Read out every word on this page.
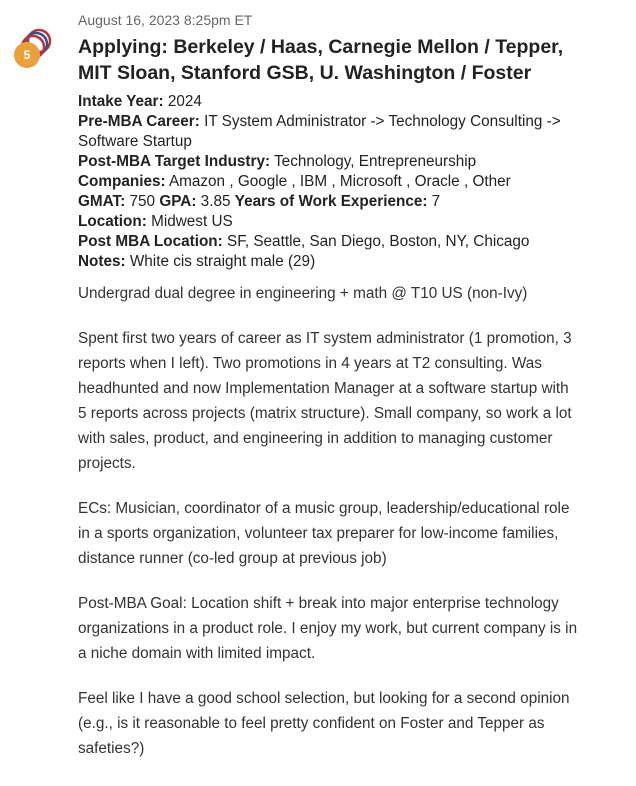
5

August 16, 2023 8:25pm ET

Applying: Berkeley / Haas, Carnegie Mellon / Tepper, MIT Sloan, Stanford GSB, U. Washington / Foster

Intake Year: 2024

Pre-MBA Career: IT System Administrator -> Technology Consulting -> Software Startup

Post-MBA Target Industry: Technology, Entrepreneurship

Companies: Amazon , Google , IBM , Microsoft , Oracle , Other

GMAT: 750 GPA: 3.85 Years of Work Experience: 7

Location: Midwest US

Post MBA Location: SF, Seattle, San Diego, Boston, NY, Chicago

Notes: White cis straight male (29)

Undergrad dual degree in engineering + math @ T10 US (non-Ivy)

Spent first two years of career as IT system administrator (1 promotion, 3 reports when I left). Two promotions in 4 years at T2 consulting. Was headhunted and now Implementation Manager at a software startup with 5 reports across projects (matrix structure). Small company, so work a lot with sales, product, and engineering in addition to managing customer projects.

ECs: Musician, coordinator of a music group, leadership/educational role in a sports organization, volunteer tax preparer for low-income families, distance runner (co-led group at previous job)

Post-MBA Goal: Location shift + break into major enterprise technology organizations in a product role. I enjoy my work, but current company is in a niche domain with limited impact.

Feel like I have a good school selection, but looking for a second opinion (e.g., is it reasonable to feel pretty confident on Foster and Tepper as safeties?)
